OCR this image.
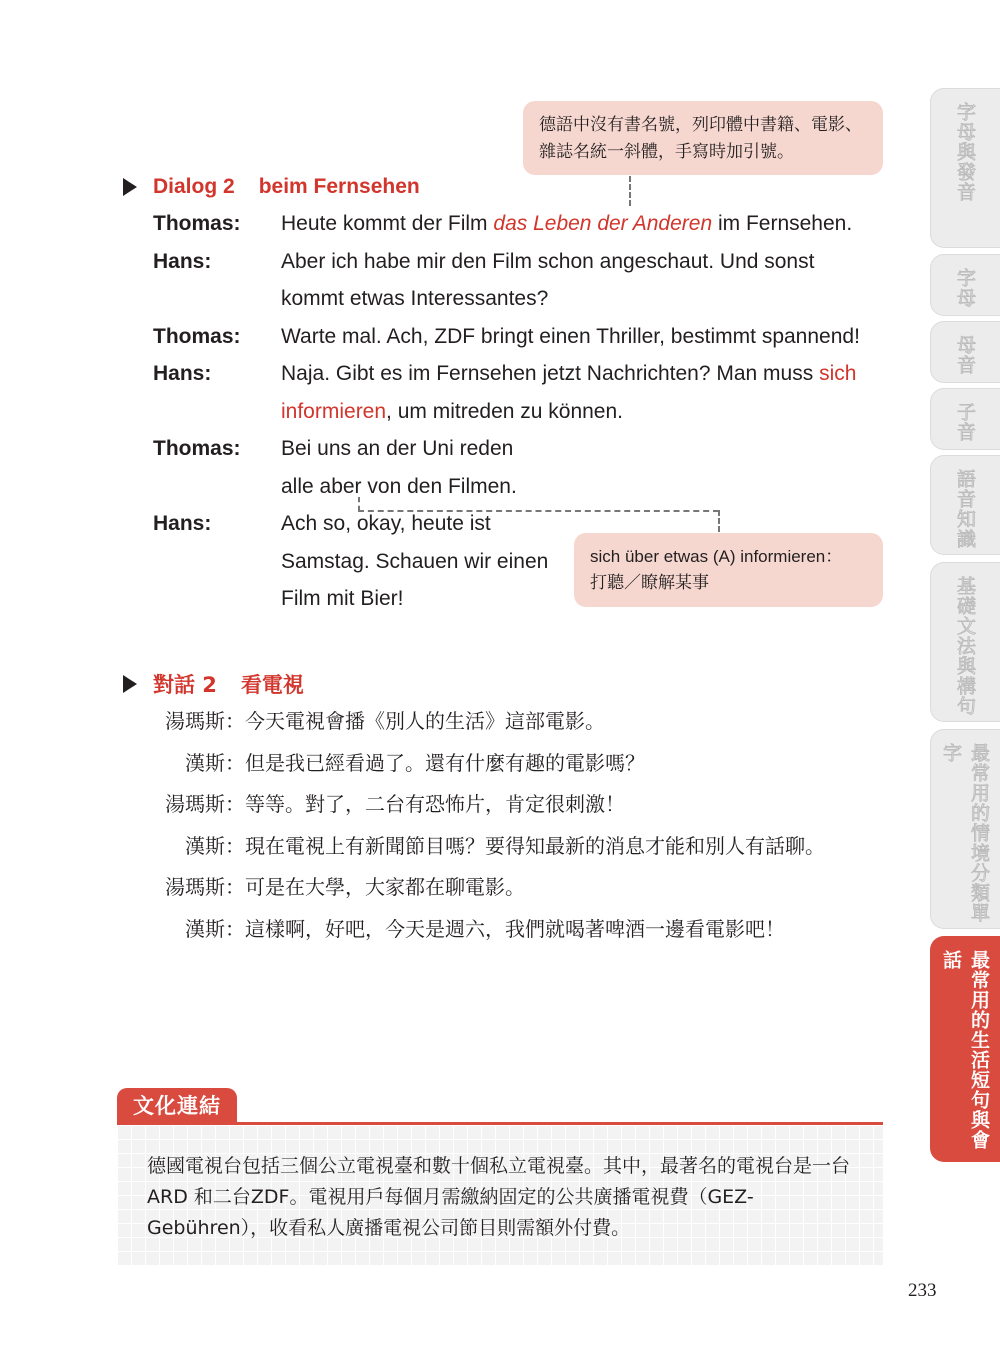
字母與發音
字母
母音
子音
語音知識
基礎文法與構句
最常用的情境分類單字
最常用的生活短句與會話
德語中沒有書名號，列印體中書籍、電影、雜誌名統一斜體，手寫時加引號。
sich über etwas (A) informieren：
打聽／瞭解某事
Dialog 2 beim Fernsehen
Thomas:	Heute kommt der Film das Leben der Anderen im Fernsehen.
Hans:	Aber ich habe mir den Film schon angeschaut. Und sonst kommt etwas Interessantes?
Thomas:	Warte mal. Ach, ZDF bringt einen Thriller, bestimmt spannend!
Hans:	Naja. Gibt es im Fernsehen jetzt Nachrichten? Man muss sich informieren, um mitreden zu können.
Thomas:	Bei uns an der Uni reden alle aber von den Filmen.
Hans:	Ach so, okay, heute ist Samstag. Schauen wir einen Film mit Bier!
對話 2 看電視
湯瑪斯： 今天電視會播《別人的生活》這部電影。
漢斯： 但是我已經看過了。還有什麼有趣的電影嗎？
湯瑪斯： 等等。對了，二台有恐怖片，肯定很刺激！
漢斯： 現在電視上有新聞節目嗎？要得知最新的消息才能和別人有話聊。
湯瑪斯： 可是在大學，大家都在聊電影。
漢斯： 這樣啊，好吧，今天是週六，我們就喝著啤酒一邊看電影吧！
文化連結

德國電視台包括三個公立電視臺和數十個私立電視臺。其中，最著名的電視台是一台ARD 和二台ZDF。電視用戶每個月需繳納固定的公共廣播電視費（GEZ-Gebühren），收看私人廣播電視公司節目則需額外付費。

233
